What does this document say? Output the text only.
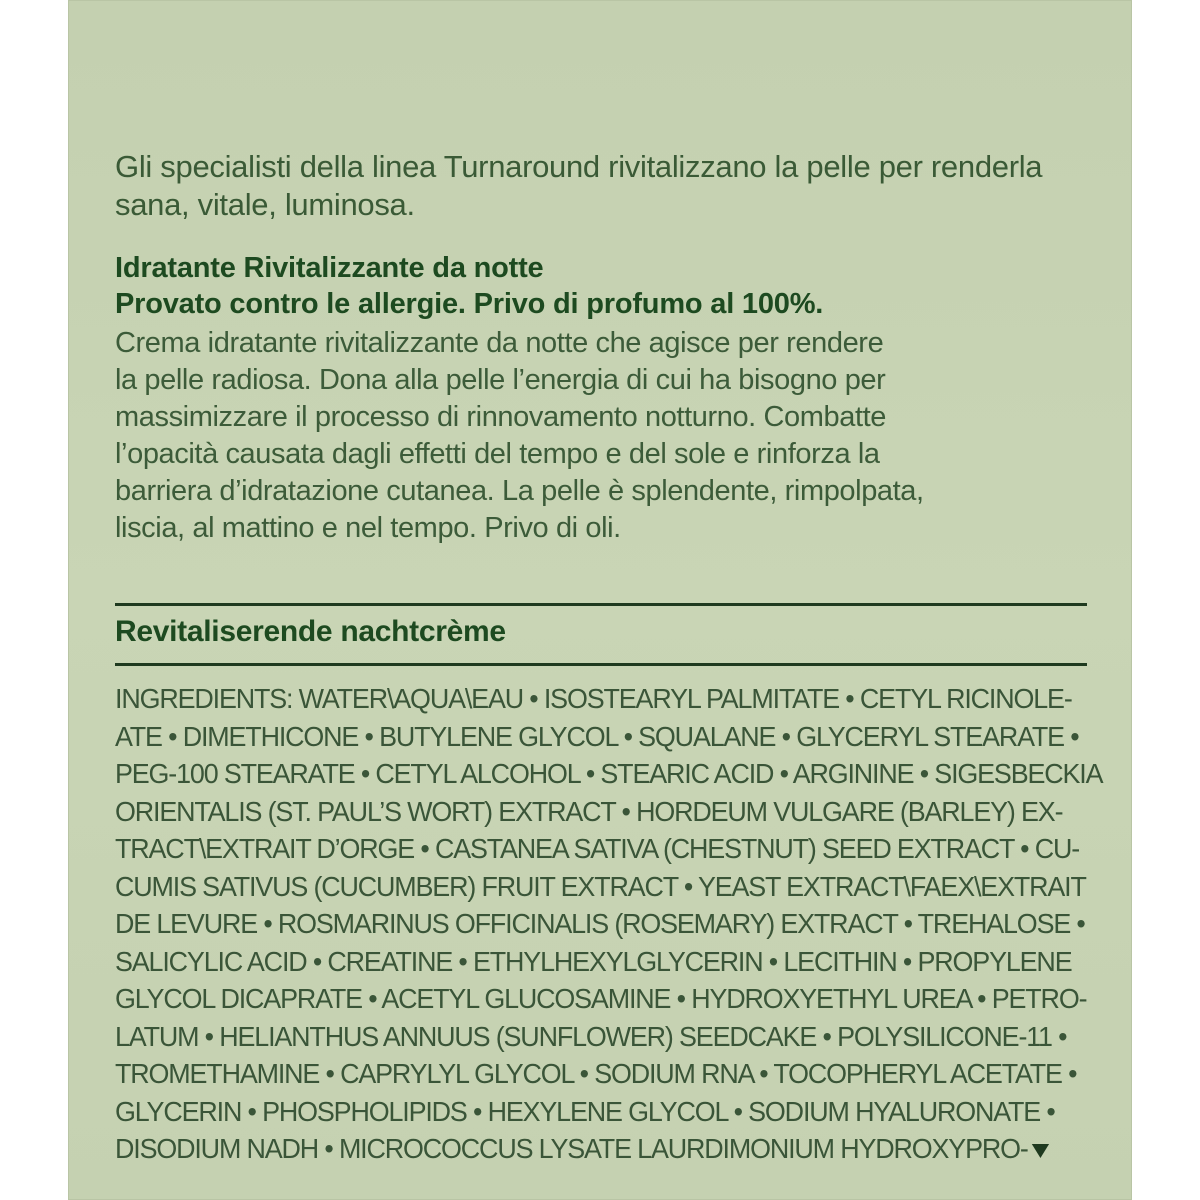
Gli specialisti della linea Turnaround rivitalizzano la pelle per renderla
sana, vitale, luminosa.
Idratante Rivitalizzante da notte
Provato contro le allergie. Privo di profumo al 100%.
Crema idratante rivitalizzante da notte che agisce per rendere
la pelle radiosa. Dona alla pelle l’energia di cui ha bisogno per
massimizzare il processo di rinnovamento notturno. Combatte
l’opacità causata dagli effetti del tempo e del sole e rinforza la
barriera d’idratazione cutanea. La pelle è splendente, rimpolpata,
liscia, al mattino e nel tempo. Privo di oli.
Revitaliserende nachtcrème
INGREDIENTS: WATER\AQUA\EAU • ISOSTEARYL PALMITATE • CETYL RICINOLE-
ATE • DIMETHICONE • BUTYLENE GLYCOL • SQUALANE • GLYCERYL STEARATE •
PEG-100 STEARATE • CETYL ALCOHOL • STEARIC ACID • ARGININE • SIGESBECKIA
ORIENTALIS (ST. PAUL’S WORT) EXTRACT • HORDEUM VULGARE (BARLEY) EX-
TRACT\EXTRAIT D’ORGE • CASTANEA SATIVA (CHESTNUT) SEED EXTRACT • CU-
CUMIS SATIVUS (CUCUMBER) FRUIT EXTRACT • YEAST EXTRACT\FAEX\EXTRAIT
DE LEVURE • ROSMARINUS OFFICINALIS (ROSEMARY) EXTRACT • TREHALOSE •
SALICYLIC ACID • CREATINE • ETHYLHEXYLGLYCERIN • LECITHIN • PROPYLENE
GLYCOL DICAPRATE • ACETYL GLUCOSAMINE • HYDROXYETHYL UREA • PETRO-
LATUM • HELIANTHUS ANNUUS (SUNFLOWER) SEEDCAKE • POLYSILICONE-11 •
TROMETHAMINE • CAPRYLYL GLYCOL • SODIUM RNA • TOCOPHERYL ACETATE •
GLYCERIN • PHOSPHOLIPIDS • HEXYLENE GLYCOL • SODIUM HYALURONATE •
DISODIUM NADH • MICROCOCCUS LYSATE LAURDIMONIUM HYDROXYPRO-
